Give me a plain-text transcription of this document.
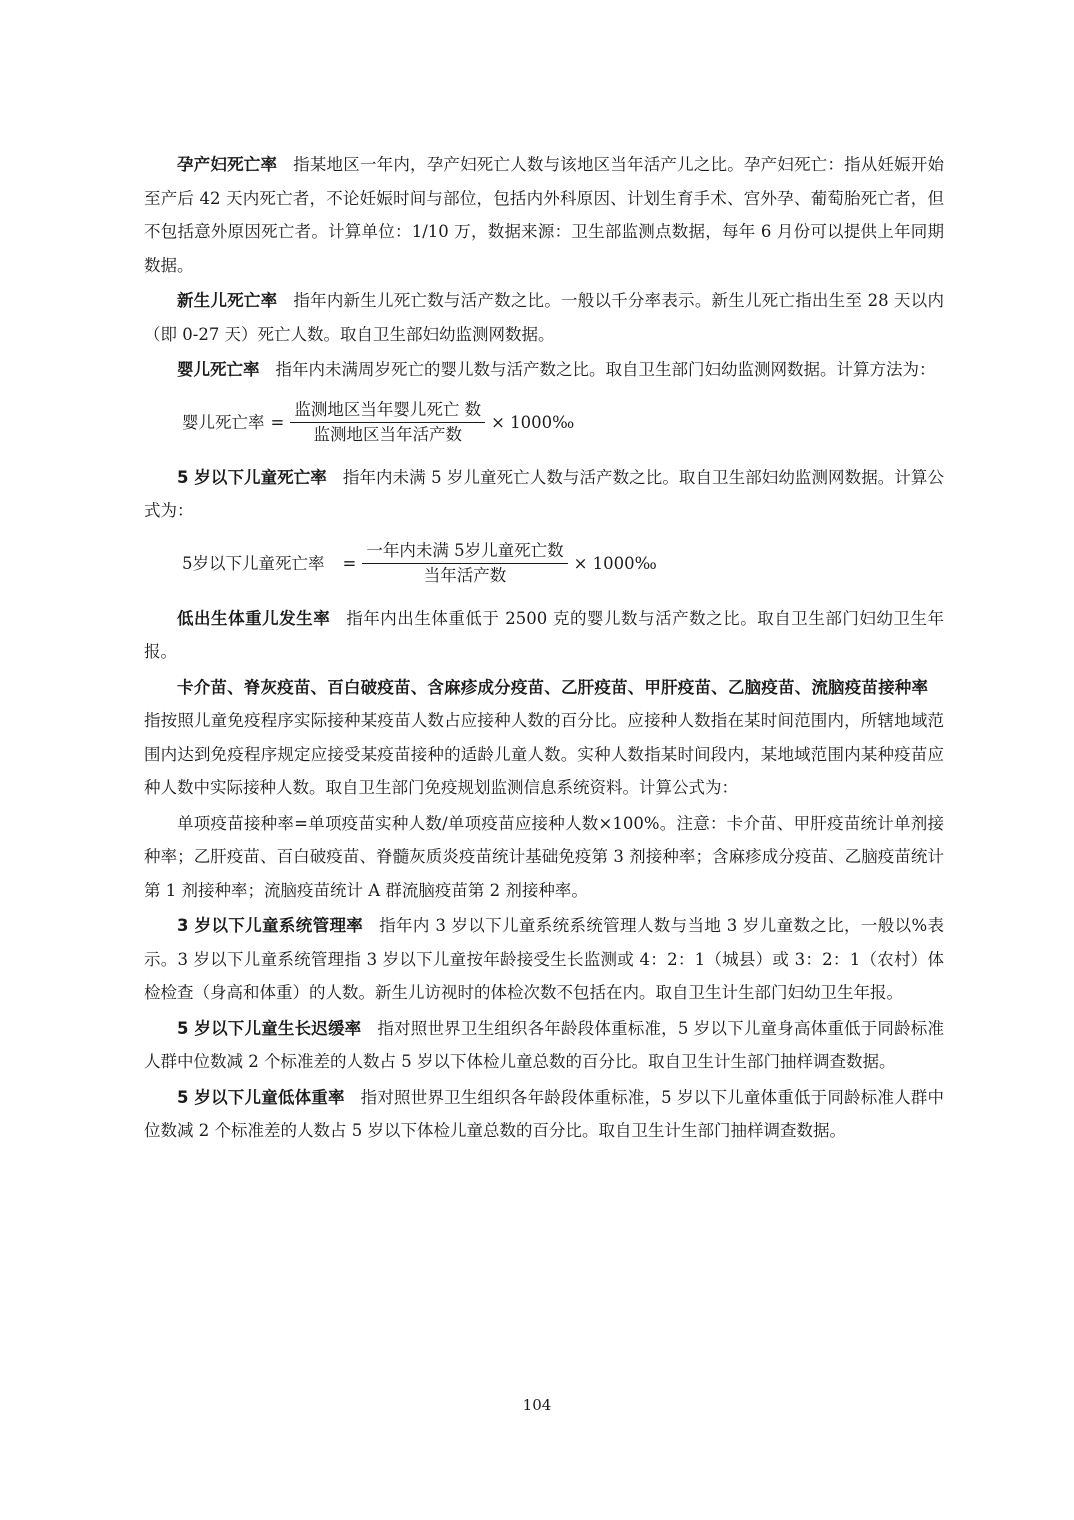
孕产妇死亡率 指某地区一年内，孕产妇死亡人数与该地区当年活产儿之比。孕产妇死亡：指从妊娠开始至产后 42 天内死亡者，不论妊娠时间与部位，包括内外科原因、计划生育手术、宫外孕、葡萄胎死亡者，但不包括意外原因死亡者。计算单位：1/10 万，数据来源：卫生部监测点数据，每年 6 月份可以提供上年同期数据。

新生儿死亡率 指年内新生儿死亡数与活产数之比。一般以千分率表示。新生儿死亡指出生至 28 天以内（即 0-27 天）死亡人数。取自卫生部妇幼监测网数据。

婴儿死亡率 指年内未满周岁死亡的婴儿数与活产数之比。取自卫生部门妇幼监测网数据。计算方法为：

婴儿死亡率 = $\frac{\text{监测地区当年婴儿死亡 数}}{\text{监测地区当年活产数}}$ × 1000‰

5 岁以下儿童死亡率 指年内未满 5 岁儿童死亡人数与活产数之比。取自卫生部妇幼监测网数据。计算公式为：

5岁以下儿童死亡率 = $\frac{\text{一年内未满 5岁儿童死亡数}}{\text{当年活产数}}$ × 1000‰

低出生体重儿发生率 指年内出生体重低于 2500 克的婴儿数与活产数之比。取自卫生部门妇幼卫生年报。

卡介苗、脊灰疫苗、百白破疫苗、含麻疹成分疫苗、乙肝疫苗、甲肝疫苗、乙脑疫苗、流脑疫苗接种率指按照儿童免疫程序实际接种某疫苗人数占应接种人数的百分比。应接种人数指在某时间范围内，所辖地域范围内达到免疫程序规定应接受某疫苗接种的适龄儿童人数。实种人数指某时间段内，某地域范围内某种疫苗应种人数中实际接种人数。取自卫生部门免疫规划监测信息系统资料。计算公式为：

单项疫苗接种率=单项疫苗实种人数/单项疫苗应接种人数×100%。注意：卡介苗、甲肝疫苗统计单剂接种率；乙肝疫苗、百白破疫苗、脊髓灰质炎疫苗统计基础免疫第 3 剂接种率；含麻疹成分疫苗、乙脑疫苗统计第 1 剂接种率；流脑疫苗统计 A 群流脑疫苗第 2 剂接种率。

3 岁以下儿童系统管理率 指年内 3 岁以下儿童系统系统管理人数与当地 3 岁儿童数之比，一般以%表示。3 岁以下儿童系统管理指 3 岁以下儿童按年龄接受生长监测或 4：2：1（城县）或 3：2：1（农村）体检检查（身高和体重）的人数。新生儿访视时的体检次数不包括在内。取自卫生计生部门妇幼卫生年报。

5 岁以下儿童生长迟缓率 指对照世界卫生组织各年龄段体重标准，5 岁以下儿童身高体重低于同龄标准人群中位数减 2 个标准差的人数占 5 岁以下体检儿童总数的百分比。取自卫生计生部门抽样调查数据。

5 岁以下儿童低体重率 指对照世界卫生组织各年龄段体重标准，5 岁以下儿童体重低于同龄标准人群中位数减 2 个标准差的人数占 5 岁以下体检儿童总数的百分比。取自卫生计生部门抽样调查数据。

104
